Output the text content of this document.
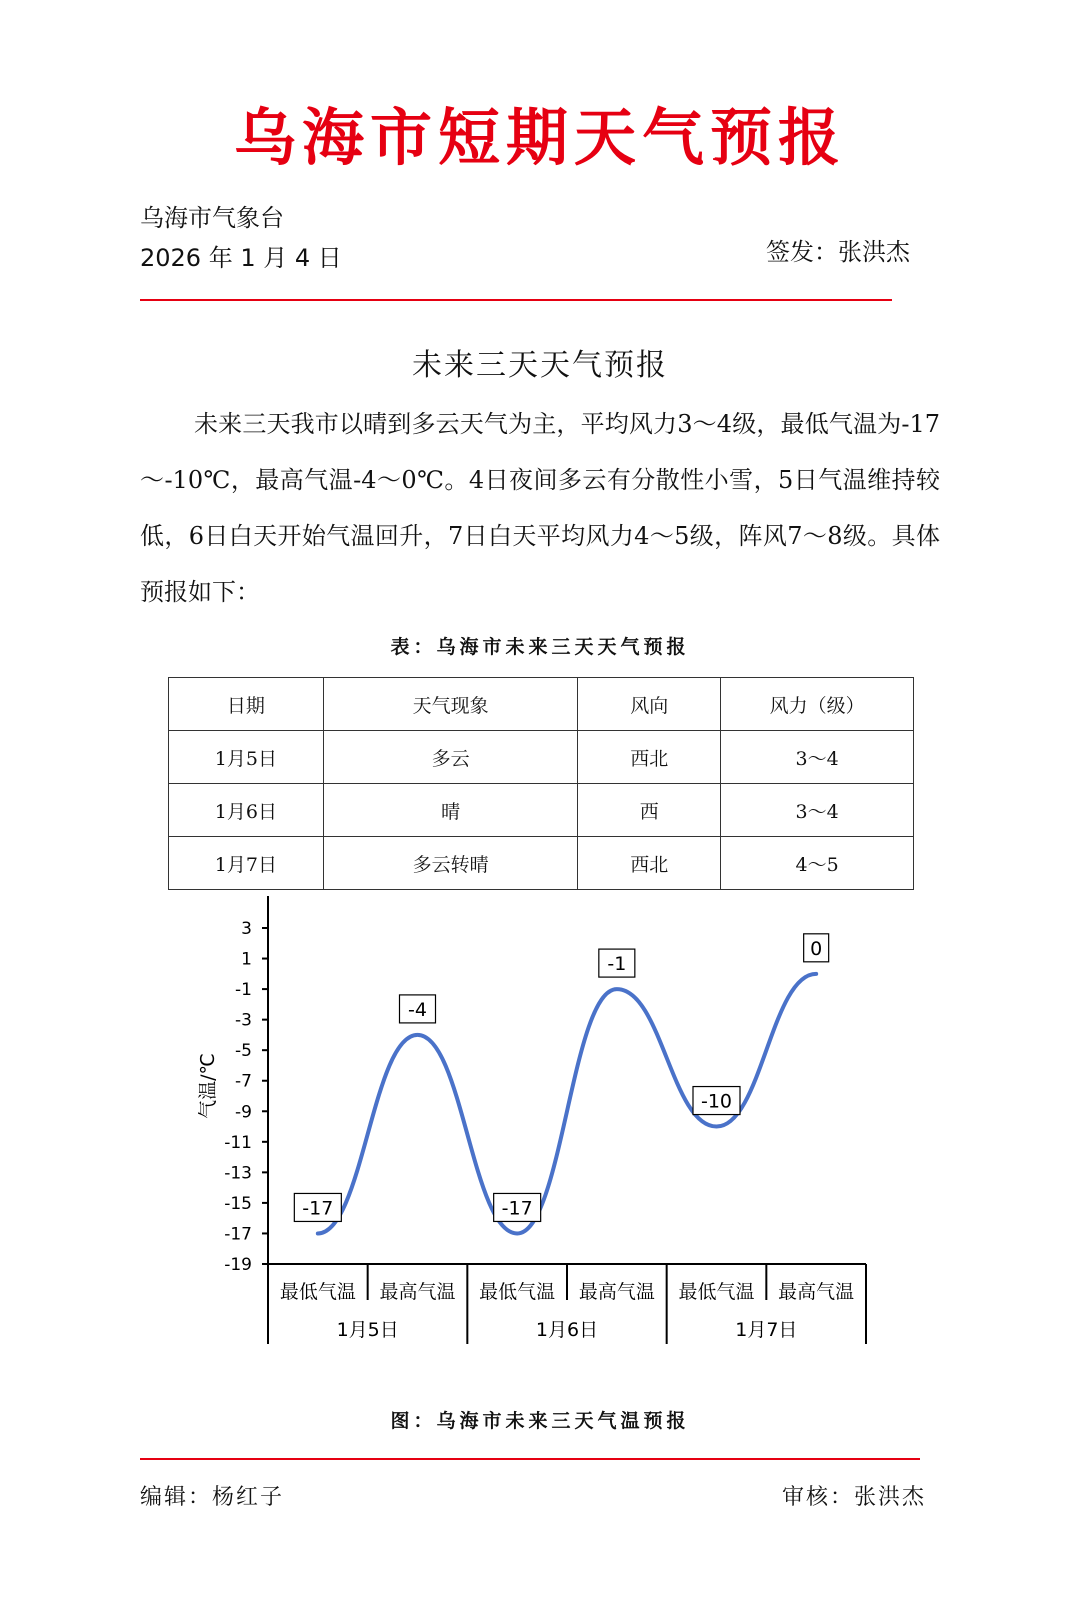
乌海市短期天气预报
乌海市气象台
2026 年 1 月 4 日	签发：张洪杰
未来三天天气预报
未来三天我市以晴到多云天气为主，平均风力3～4级，最低气温为-17～-10℃，最高气温-4～0℃。4日夜间多云有分散性小雪，5日气温维持较低，6日白天开始气温回升，7日白天平均风力4～5级，阵风7～8级。具体预报如下：
表：乌海市未来三天天气预报
日期	天气现象	风向	风力（级）
1月5日	多云	西北	3～4
1月6日	晴	西	3～4
1月7日	多云转晴	西北	4～5
3
1
-1
-3
-5
-7
-9
-11
-13
-15
-17
-19
气温/℃
最低气温 最高气温 最低气温 最高气温 最低气温 最高气温
1月5日	1月6日	1月7日
-17
-4
-17
-1
-10
0
图：乌海市未来三天气温预报
编辑：杨红子	审核：张洪杰
